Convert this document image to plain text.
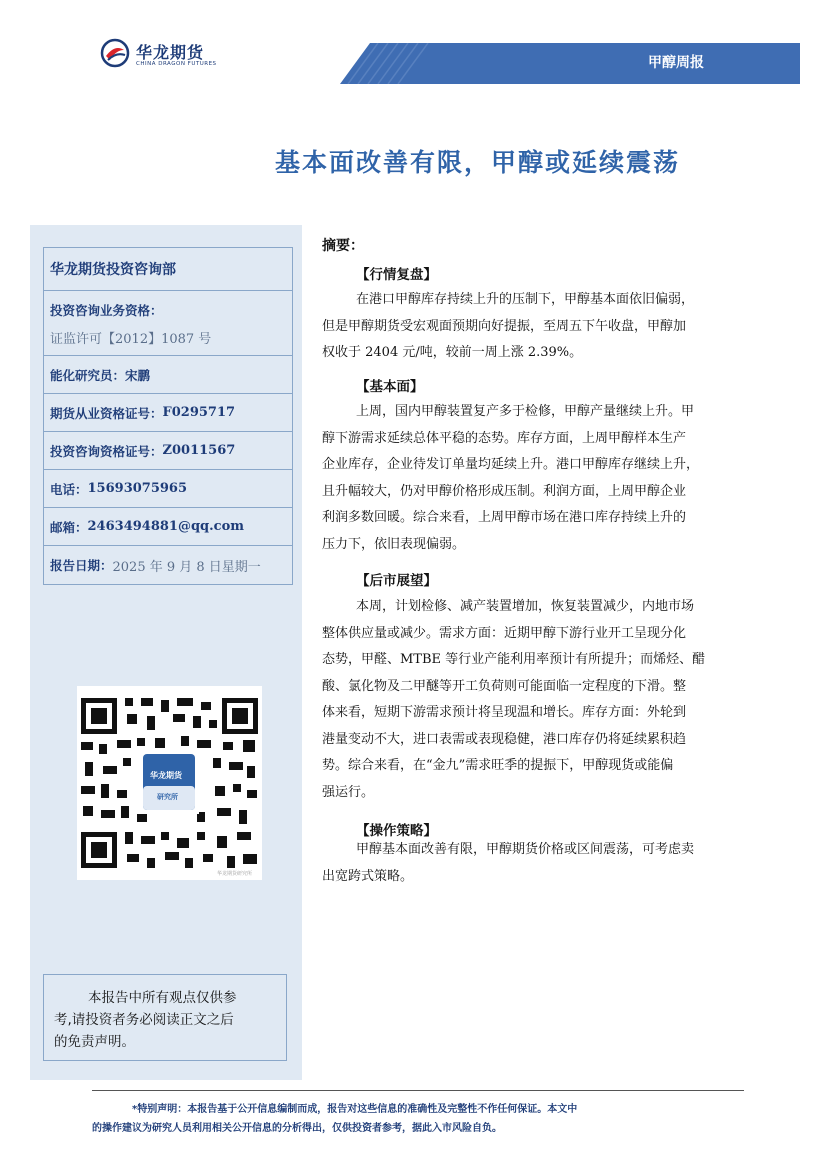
华龙期货
CHINA DRAGON FUTURES	甲醇周报
基本面改善有限，甲醇或延续震荡
华龙期货投资咨询部
投资咨询业务资格：
证监许可【2012】1087 号
能化研究员：宋鹏
期货从业资格证号： F0295717
投资咨询资格证号： Z0011567
电话： 15693075965
邮箱： 2463494881@qq.com
报告日期： 2025 年 9 月 8 日星期一
华龙期货
研究所
华龙期货研究所
本报告中所有观点仅供参
考,请投资者务必阅读正文之后
的免责声明。
摘要：
【行情复盘】
在港口甲醇库存持续上升的压制下，甲醇基本面依旧偏弱，
但是甲醇期货受宏观面预期向好提振，至周五下午收盘，甲醇加
权收于 2404 元/吨，较前一周上涨 2.39%。
【基本面】
上周，国内甲醇装置复产多于检修，甲醇产量继续上升。甲
醇下游需求延续总体平稳的态势。库存方面，上周甲醇样本生产
企业库存，企业待发订单量均延续上升。港口甲醇库存继续上升，
且升幅较大，仍对甲醇价格形成压制。利润方面，上周甲醇企业
利润多数回暖。综合来看，上周甲醇市场在港口库存持续上升的
压力下，依旧表现偏弱。
【后市展望】
本周，计划检修、减产装置增加，恢复装置减少，内地市场
整体供应量或减少。需求方面：近期甲醇下游行业开工呈现分化
态势，甲醛、MTBE 等行业产能利用率预计有所提升；而烯烃、醋
酸、氯化物及二甲醚等开工负荷则可能面临一定程度的下滑。整
体来看，短期下游需求预计将呈现温和增长。库存方面：外轮到
港量变动不大，进口表需或表现稳健，港口库存仍将延续累积趋
势。综合来看，在“金九”需求旺季的提振下，甲醇现货或能偏
强运行。
【操作策略】
甲醇基本面改善有限，甲醇期货价格或区间震荡，可考虑卖
出宽跨式策略。
*特别声明：本报告基于公开信息编制而成，报告对这些信息的准确性及完整性不作任何保证。本文中
的操作建议为研究人员利用相关公开信息的分析得出，仅供投资者参考，据此入市风险自负。
